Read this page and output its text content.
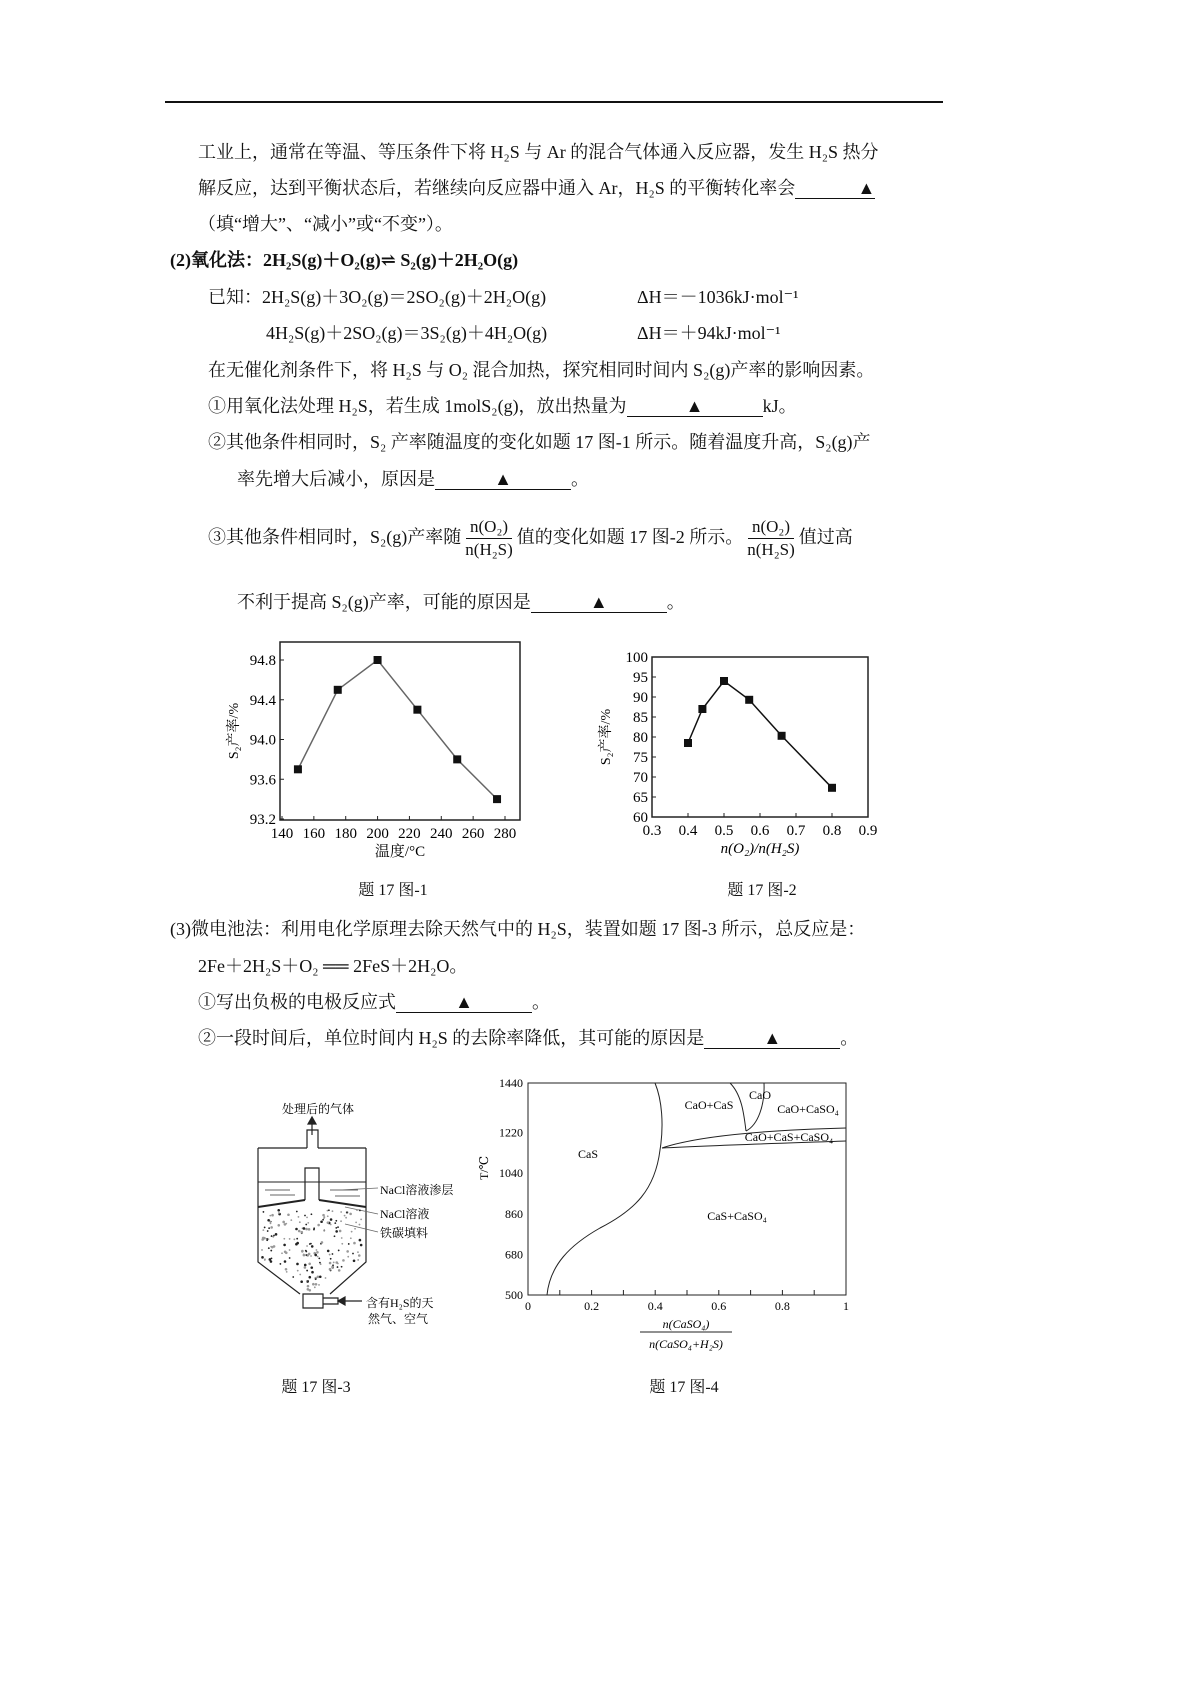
工业上，通常在等温、等压条件下将 H₂S 与 Ar 的混合气体通入反应器，发生 H₂S 热分
解反应，达到平衡状态后，若继续向反应器中通入 Ar，H₂S 的平衡转化率会	▲
（填“增大”、“减小”或“不变”）。
(2)氧化法：2H₂S(g)＋O₂(g)⇌ S₂(g)＋2H₂O(g)
已知：2H₂S(g)＋3O₂(g)＝2SO₂(g)＋2H₂O(g)	ΔH＝－1036kJ·mol⁻¹
4H₂S(g)＋2SO₂(g)＝3S₂(g)＋4H₂O(g)	ΔH＝＋94kJ·mol⁻¹
在无催化剂条件下，将 H₂S 与 O₂ 混合加热，探究相同时间内 S₂(g)产率的影响因素。
①用氧化法处理 H₂S，若生成 1molS₂(g)，放出热量为	▲	kJ。
②其他条件相同时，S₂ 产率随温度的变化如题 17 图-1 所示。随着温度升高，S₂(g)产
率先增大后减小，原因是	▲	。
③其他条件相同时，S₂(g)产率随 $\frac{\text{n(O₂)}}{\text{n(H₂S)}}$ 值的变化如题 17 图-2 所示。 $\frac{\text{n(O₂)}}{\text{n(H₂S)}}$ 值过高
不利于提高 S₂(g)产率，可能的原因是	▲	。
题 17 图-1	题 17 图-2
(3)微电池法：利用电化学原理去除天然气中的 H₂S，装置如题 17 图-3 所示，总反应是：
2Fe＋2H₂S＋O₂ ══ 2FeS＋2H₂O。
①写出负极的电极反应式	▲	。
②一段时间后，单位时间内 H₂S 的去除率降低，其可能的原因是	▲	。
题 17 图-3	题 17 图-4
140 160 180 200 220 240 260 280
93.2
93.6
94.0
94.4
94.8
温度/°C
S₂产率/%
0.3 0.4 0.5 0.6 0.7 0.8 0.9
60
65
70
75
80
85
90
95
100
n(O₂)/n(H₂S)
S₂产率/%
处理后的气体
NaCl溶液渗层
NaCl溶液
铁碳填料
含有H₂S的天
然气、空气
0	0.2	0.4	0.6	0.8	1
500
680
860
1040
1220
1440
CaS
CaO+CaS
CaO
CaO+CaSO₄
CaO+CaS+CaSO₄
CaS+CaSO₄
T/℃
n(CaSO₄)
n(CaSO₄+H₂S)
